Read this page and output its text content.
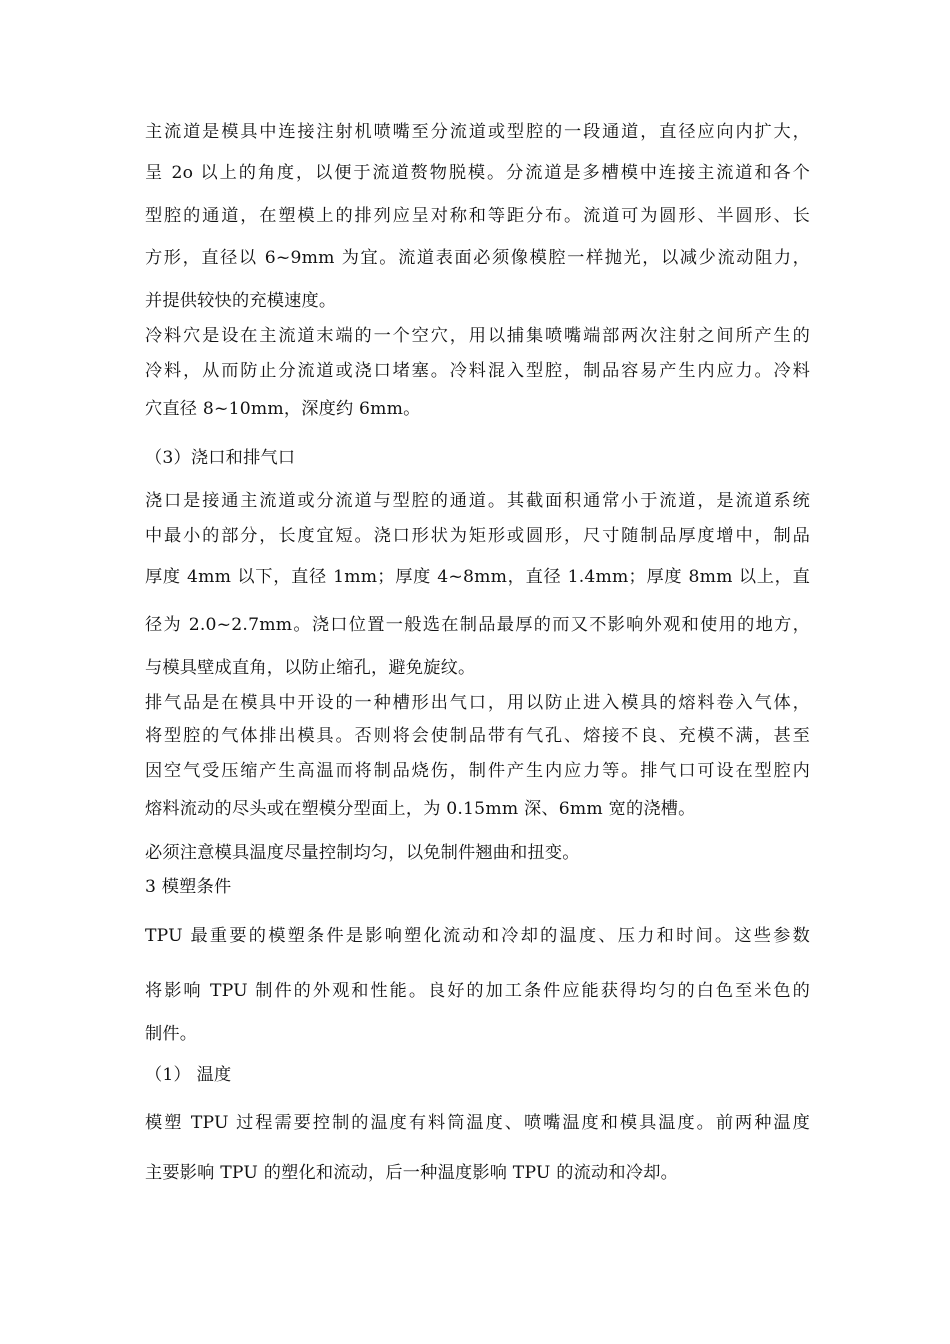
主流道是模具中连接注射机喷嘴至分流道或型腔的一段通道，直径应向内扩大，
呈 2o 以上的角度，以便于流道赘物脱模。分流道是多槽模中连接主流道和各个
型腔的通道，在塑模上的排列应呈对称和等距分布。流道可为圆形、半圆形、长
方形，直径以 6~9mm 为宜。流道表面必须像模腔一样抛光，以减少流动阻力，
并提供较快的充模速度。
冷料穴是设在主流道末端的一个空穴，用以捕集喷嘴端部两次注射之间所产生的
冷料，从而防止分流道或浇口堵塞。冷料混入型腔，制品容易产生内应力。冷料
穴直径 8~10mm，深度约 6mm。
（3）浇口和排气口
浇口是接通主流道或分流道与型腔的通道。其截面积通常小于流道，是流道系统
中最小的部分，长度宜短。浇口形状为矩形或圆形，尺寸随制品厚度增中，制品
厚度 4mm 以下，直径 1mm；厚度 4~8mm，直径 1.4mm；厚度 8mm 以上，直
径为 2.0~2.7mm。浇口位置一般选在制品最厚的而又不影响外观和使用的地方，
与模具壁成直角，以防止缩孔，避免旋纹。
排气品是在模具中开设的一种槽形出气口，用以防止进入模具的熔料卷入气体，
将型腔的气体排出模具。否则将会使制品带有气孔、熔接不良、充模不满，甚至
因空气受压缩产生高温而将制品烧伤，制件产生内应力等。排气口可设在型腔内
熔料流动的尽头或在塑模分型面上，为 0.15mm 深、6mm 宽的浇槽。
必须注意模具温度尽量控制均匀，以免制件翘曲和扭变。
3 模塑条件
TPU 最重要的模塑条件是影响塑化流动和冷却的温度、压力和时间。这些参数
将影响 TPU 制件的外观和性能。良好的加工条件应能获得均匀的白色至米色的
制件。
（1） 温度
模塑 TPU 过程需要控制的温度有料筒温度、喷嘴温度和模具温度。前两种温度
主要影响 TPU 的塑化和流动，后一种温度影响 TPU 的流动和冷却。
